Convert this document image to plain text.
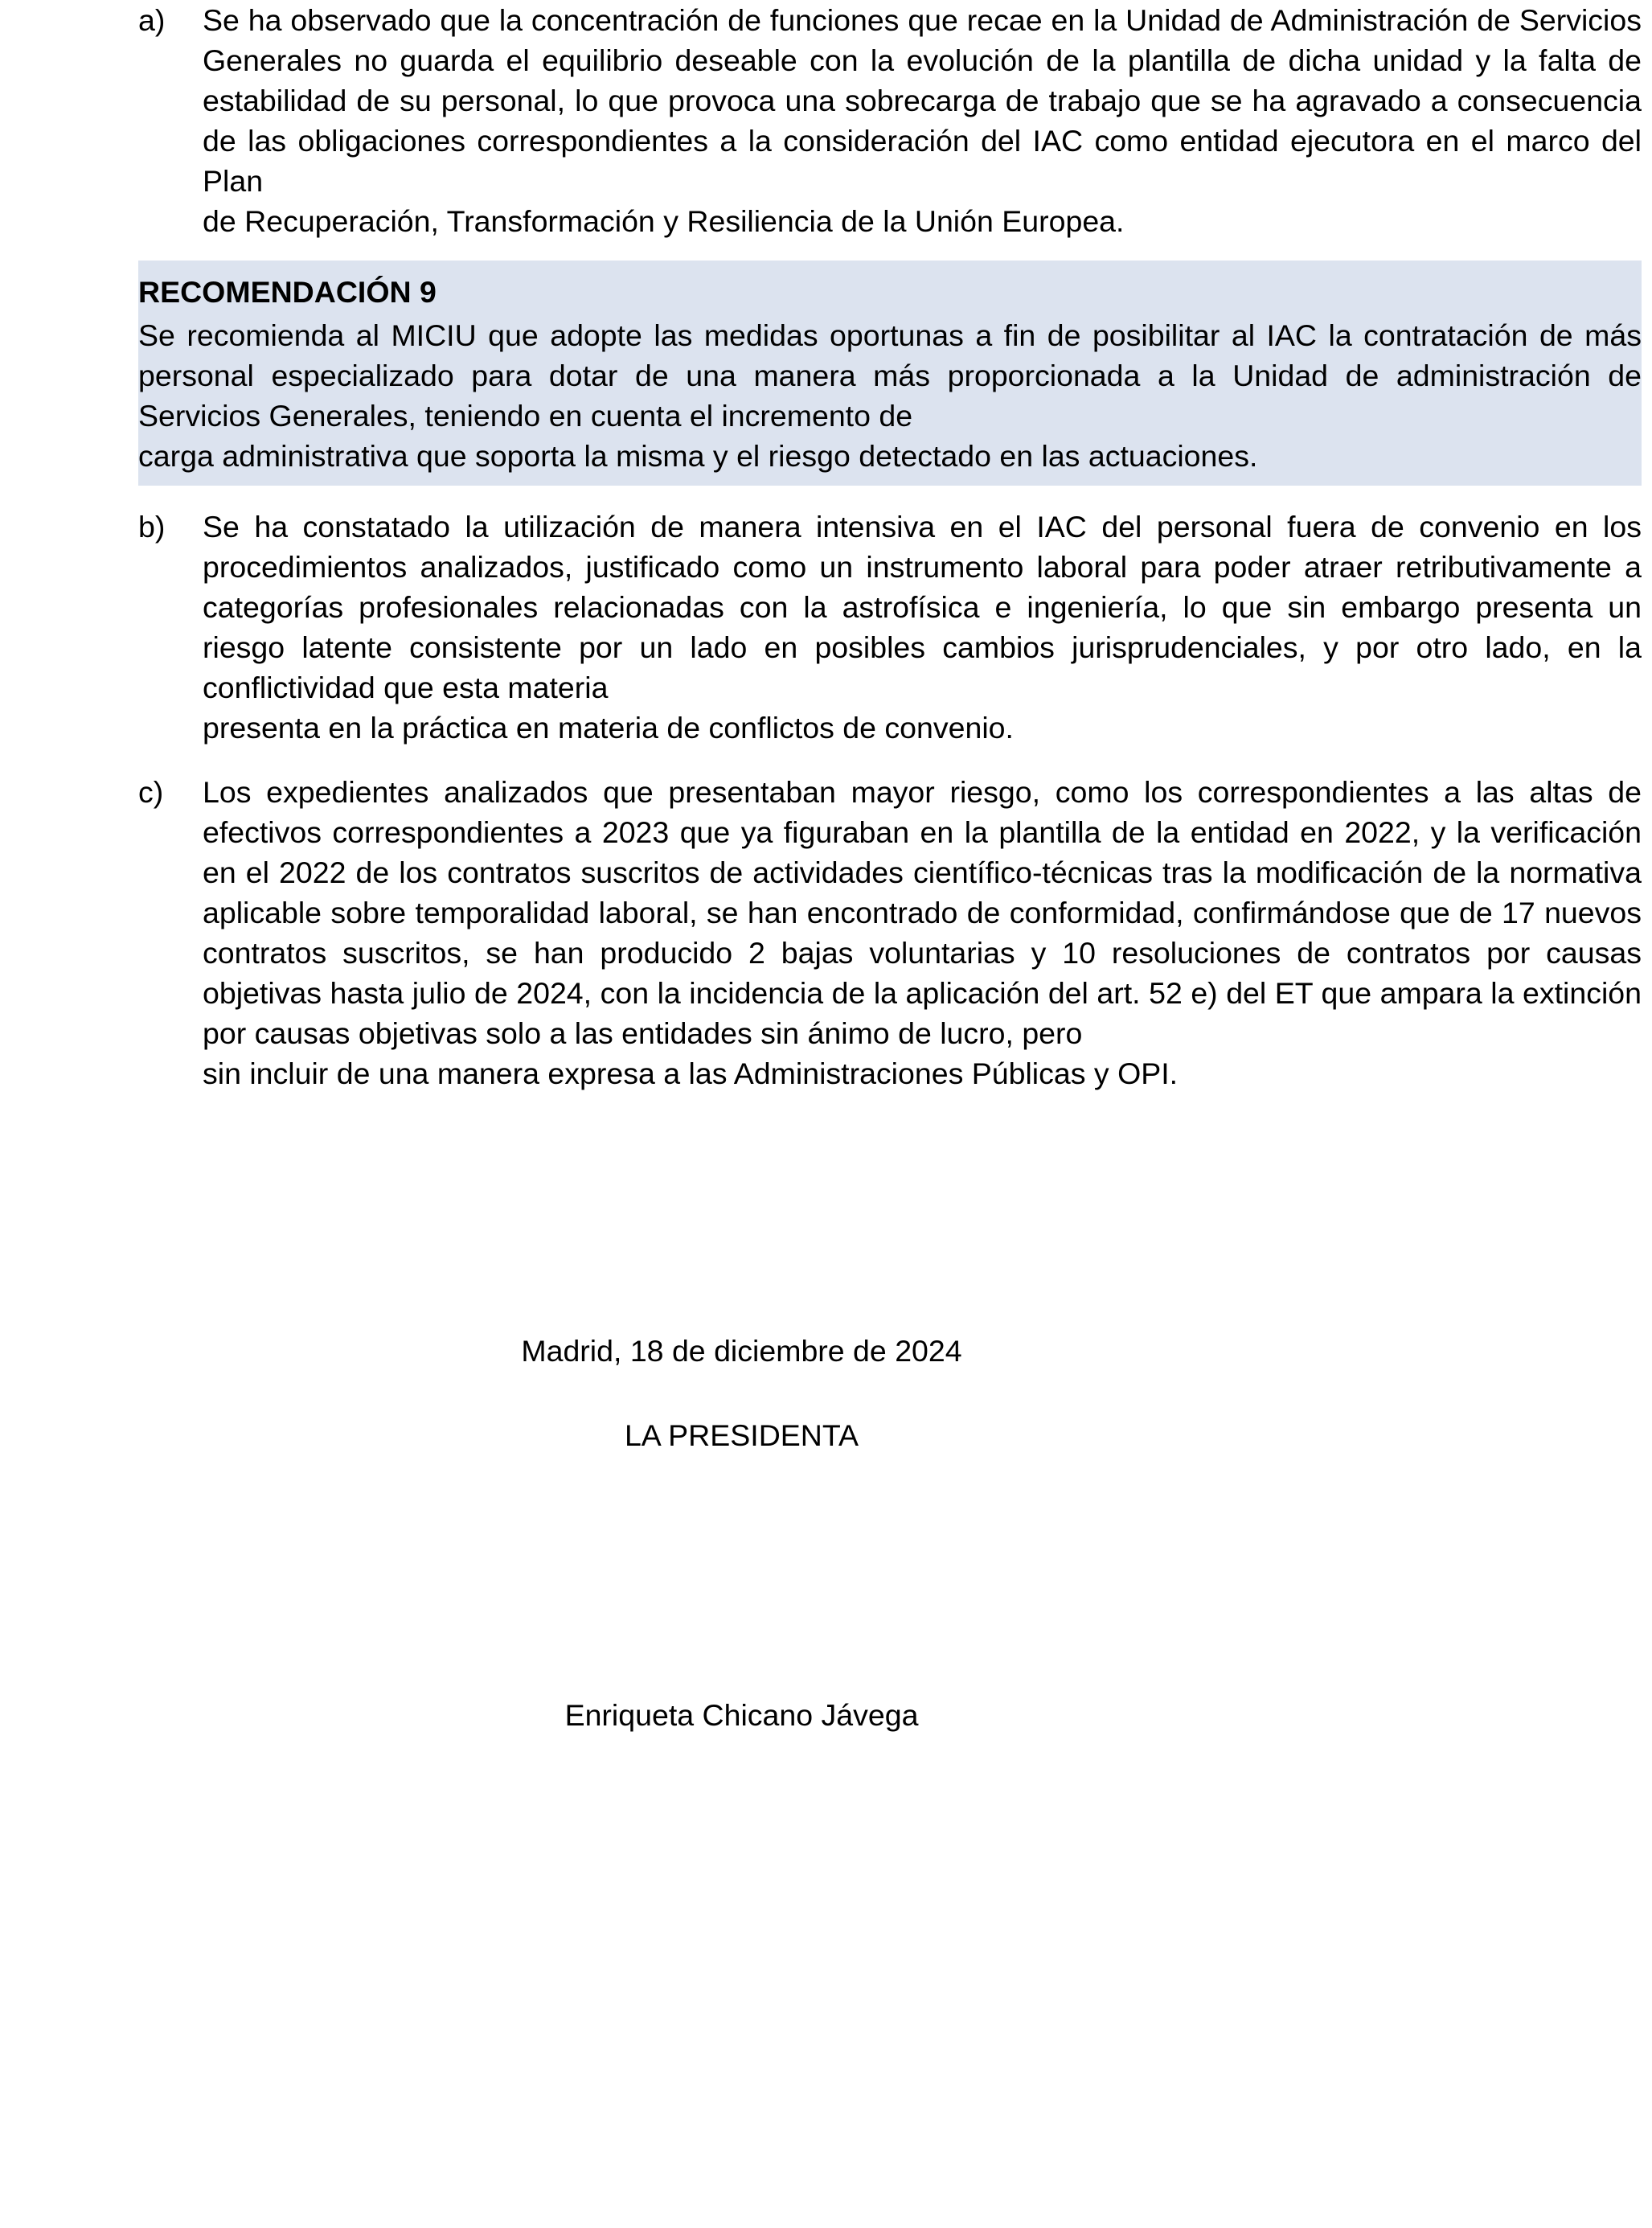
a)	Se ha observado que la concentración de funciones que recae en la Unidad de Administración de Servicios Generales no guarda el equilibrio deseable con la evolución de la plantilla de dicha unidad y la falta de estabilidad de su personal, lo que provoca una sobrecarga de trabajo que se ha agravado a consecuencia de las obligaciones correspondientes a la consideración del IAC como entidad ejecutora en el marco del Plan
de Recuperación, Transformación y Resiliencia de la Unión Europea.
RECOMENDACIÓN 9
Se recomienda al MICIU que adopte las medidas oportunas a fin de posibilitar al IAC la contratación de más personal especializado para dotar de una manera más proporcionada a la Unidad de administración de Servicios Generales, teniendo en cuenta el incremento de
carga administrativa que soporta la misma y el riesgo detectado en las actuaciones.
b)	Se ha constatado la utilización de manera intensiva en el IAC del personal fuera de convenio en los procedimientos analizados, justificado como un instrumento laboral para poder atraer retributivamente a categorías profesionales relacionadas con la astrofísica e ingeniería, lo que sin embargo presenta un riesgo latente consistente por un lado en posibles cambios jurisprudenciales, y por otro lado, en la conflictividad que esta materia
presenta en la práctica en materia de conflictos de convenio.
c)	Los expedientes analizados que presentaban mayor riesgo, como los correspondientes a las altas de efectivos correspondientes a 2023 que ya figuraban en la plantilla de la entidad en 2022, y la verificación en el 2022 de los contratos suscritos de actividades científico-técnicas tras la modificación de la normativa aplicable sobre temporalidad laboral, se han encontrado de conformidad, confirmándose que de 17 nuevos contratos suscritos, se han producido 2 bajas voluntarias y 10 resoluciones de contratos por causas objetivas hasta julio de 2024, con la incidencia de la aplicación del art. 52 e) del ET que ampara la extinción por causas objetivas solo a las entidades sin ánimo de lucro, pero
sin incluir de una manera expresa a las Administraciones Públicas y OPI.
Madrid, 18 de diciembre de 2024
LA PRESIDENTA
Enriqueta Chicano Jávega
